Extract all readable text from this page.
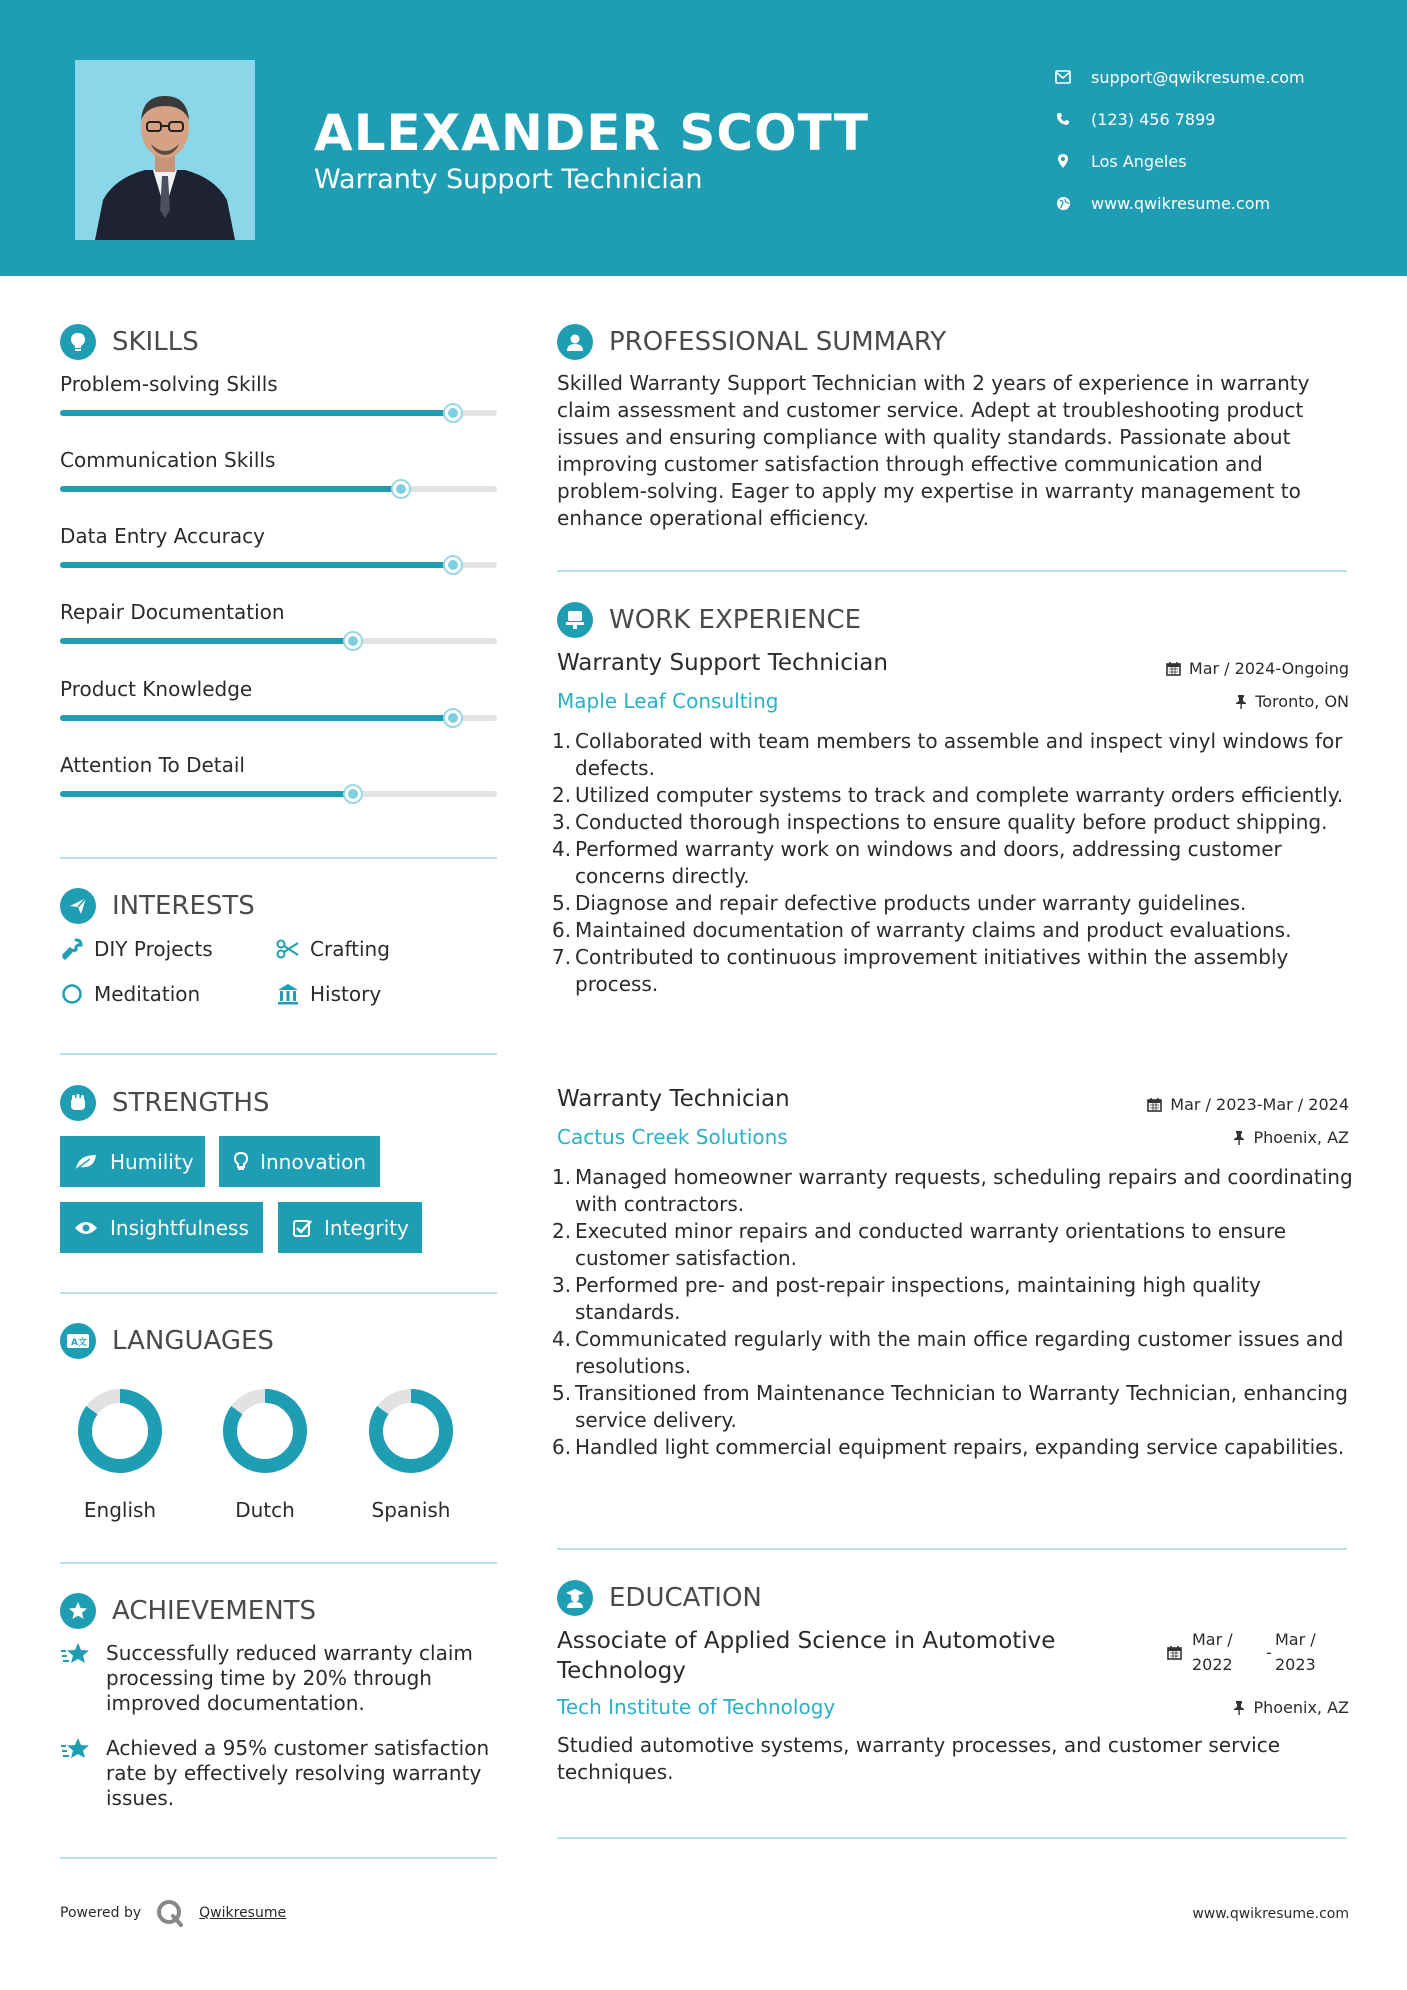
ALEXANDER SCOTT
Warranty Support Technician
support@qwikresume.com
(123) 456 7899
Los Angeles
www.qwikresume.com
SKILLS
Problem-solving Skills
Communication Skills
Data Entry Accuracy
Repair Documentation
Product Knowledge
Attention To Detail
INTERESTS
DIY Projects	Crafting
Meditation	History
STRENGTHS
Humility	Innovation
Insightfulness	Integrity
A文 LANGUAGES
English	Dutch	Spanish
ACHIEVEMENTS
Successfully reduced warranty claim processing time by 20% through improved documentation.
Achieved a 95% customer satisfaction rate by effectively resolving warranty issues.
PROFESSIONAL SUMMARY
Skilled Warranty Support Technician with 2 years of experience in warranty claim assessment and customer service. Adept at troubleshooting product issues and ensuring compliance with quality standards. Passionate about improving customer satisfaction through effective communication and problem-solving. Eager to apply my expertise in warranty management to enhance operational efficiency.
WORK EXPERIENCE
Warranty Support Technician
Maple Leaf Consulting
Mar / 2024-Ongoing
Toronto, ON
1. Collaborated with team members to assemble and inspect vinyl windows for defects.
2. Utilized computer systems to track and complete warranty orders efficiently.
3. Conducted thorough inspections to ensure quality before product shipping.
4. Performed warranty work on windows and doors, addressing customer concerns directly.
5. Diagnose and repair defective products under warranty guidelines.
6. Maintained documentation of warranty claims and product evaluations.
7. Contributed to continuous improvement initiatives within the assembly process.
Warranty Technician
Cactus Creek Solutions
Mar / 2023-Mar / 2024
Phoenix, AZ
1. Managed homeowner warranty requests, scheduling repairs and coordinating with contractors.
2. Executed minor repairs and conducted warranty orientations to ensure customer satisfaction.
3. Performed pre- and post-repair inspections, maintaining high quality standards.
4. Communicated regularly with the main office regarding customer issues and resolutions.
5. Transitioned from Maintenance Technician to Warranty Technician, enhancing service delivery.
6. Handled light commercial equipment repairs, expanding service capabilities.
EDUCATION
Associate of Applied Science in Automotive Technology
Tech Institute of Technology
Mar /
2022
-
Mar /
2023
Phoenix, AZ
Studied automotive systems, warranty processes, and customer service techniques.
Powered by	Qwikresume	www.qwikresume.com
